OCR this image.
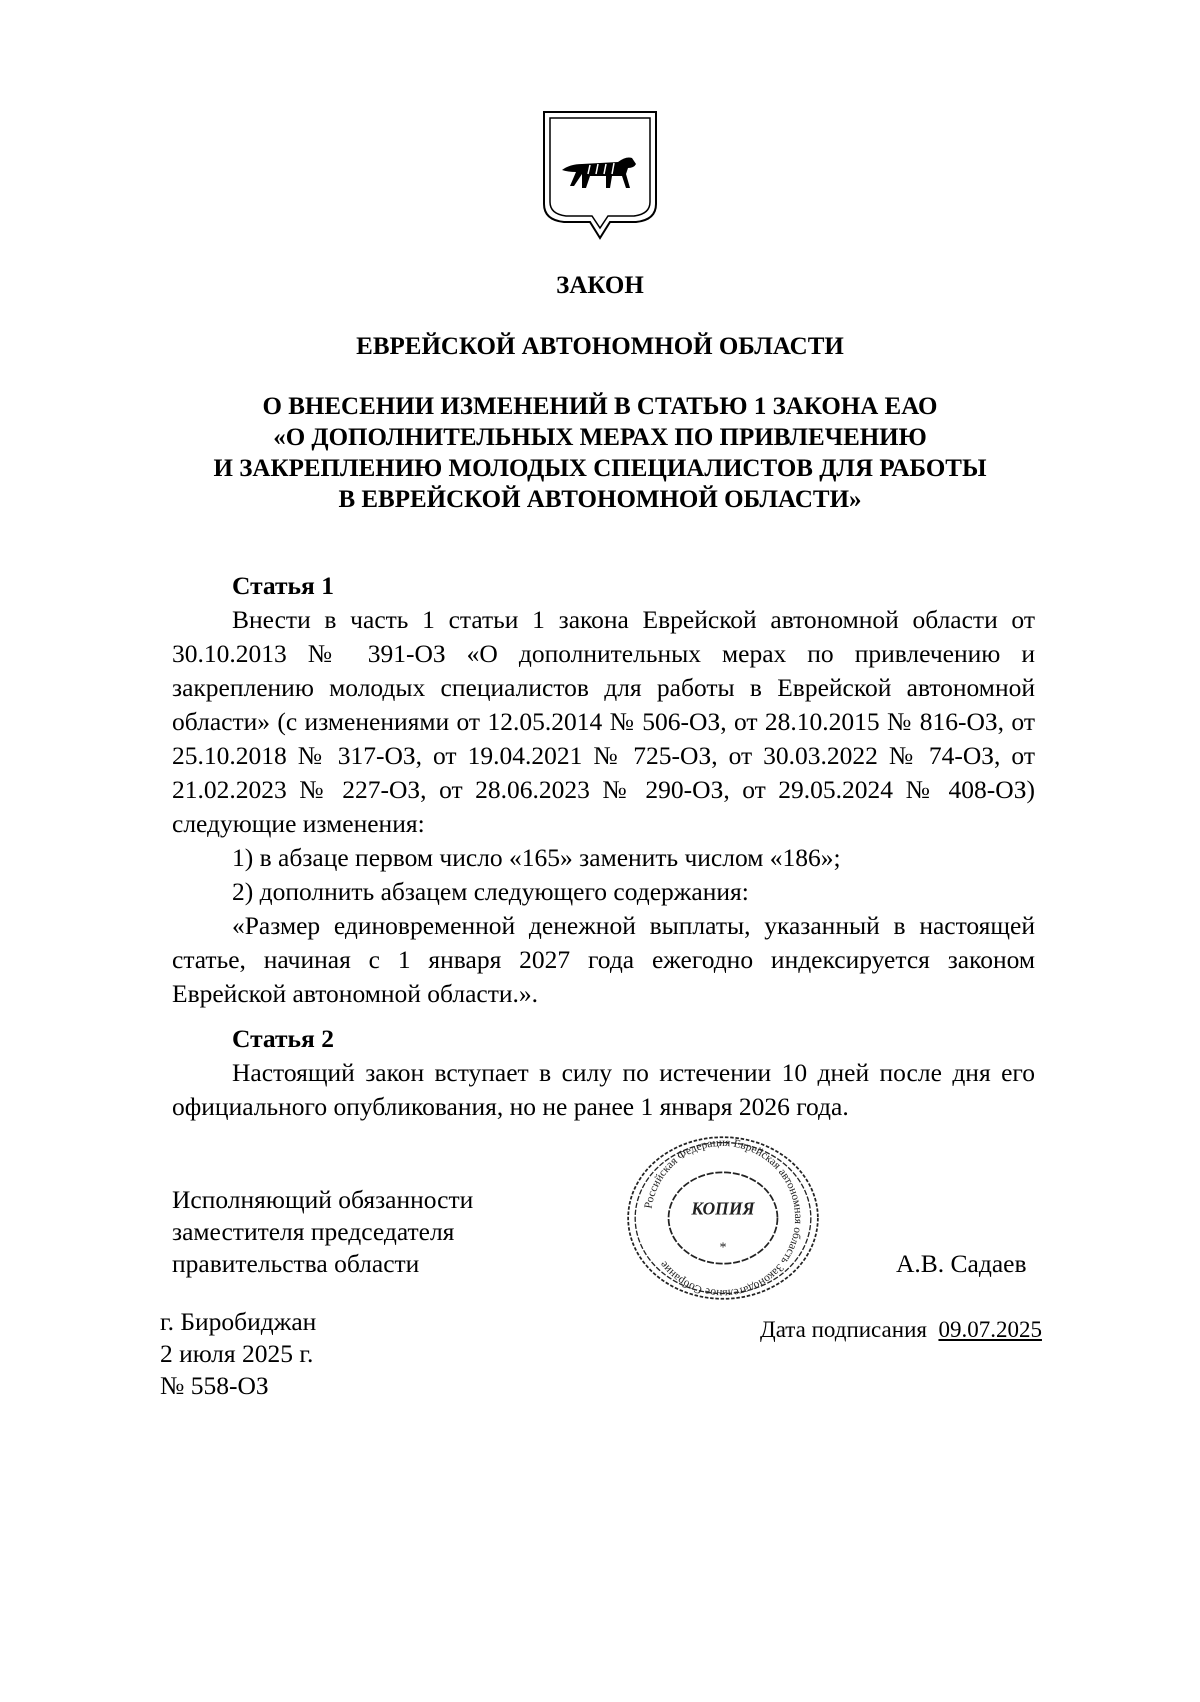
ЗАКОН
ЕВРЕЙСКОЙ АВТОНОМНОЙ ОБЛАСТИ
О ВНЕСЕНИИ ИЗМЕНЕНИЙ В СТАТЬЮ 1 ЗАКОНА ЕАО
«О ДОПОЛНИТЕЛЬНЫХ МЕРАХ ПО ПРИВЛЕЧЕНИЮ
И ЗАКРЕПЛЕНИЮ МОЛОДЫХ СПЕЦИАЛИСТОВ ДЛЯ РАБОТЫ
В ЕВРЕЙСКОЙ АВТОНОМНОЙ ОБЛАСТИ»
Статья 1

Внести в часть 1 статьи 1 закона Еврейской автономной области от 30.10.2013 № 391-ОЗ «О дополнительных мерах по привлечению и закреплению молодых специалистов для работы в Еврейской автономной области» (с изменениями от 12.05.2014 № 506-ОЗ, от 28.10.2015 № 816-ОЗ, от 25.10.2018 № 317-ОЗ, от 19.04.2021 № 725-ОЗ, от 30.03.2022 № 74-ОЗ, от 21.02.2023 № 227-ОЗ, от 28.06.2023 № 290-ОЗ, от 29.05.2024 № 408-ОЗ) следующие изменения:

1) в абзаце первом число «165» заменить числом «186»;

2) дополнить абзацем следующего содержания:

«Размер единовременной денежной выплаты, указанный в настоящей статье, начиная с 1 января 2027 года ежегодно индексируется законом Еврейской автономной области.».

Статья 2

Настоящий закон вступает в силу по истечении 10 дней после дня его официального опубликования, но не ранее 1 января 2026 года.

Исполняющий обязанности
заместителя председателя
правительства области
Российская Федерация Еврейская автономная область Законодательное Собрание
КОПИЯ
*
А.В. Садаев
Дата подписания 09.07.2025
г. Биробиджан
2 июля 2025 г.
№ 558-ОЗ
